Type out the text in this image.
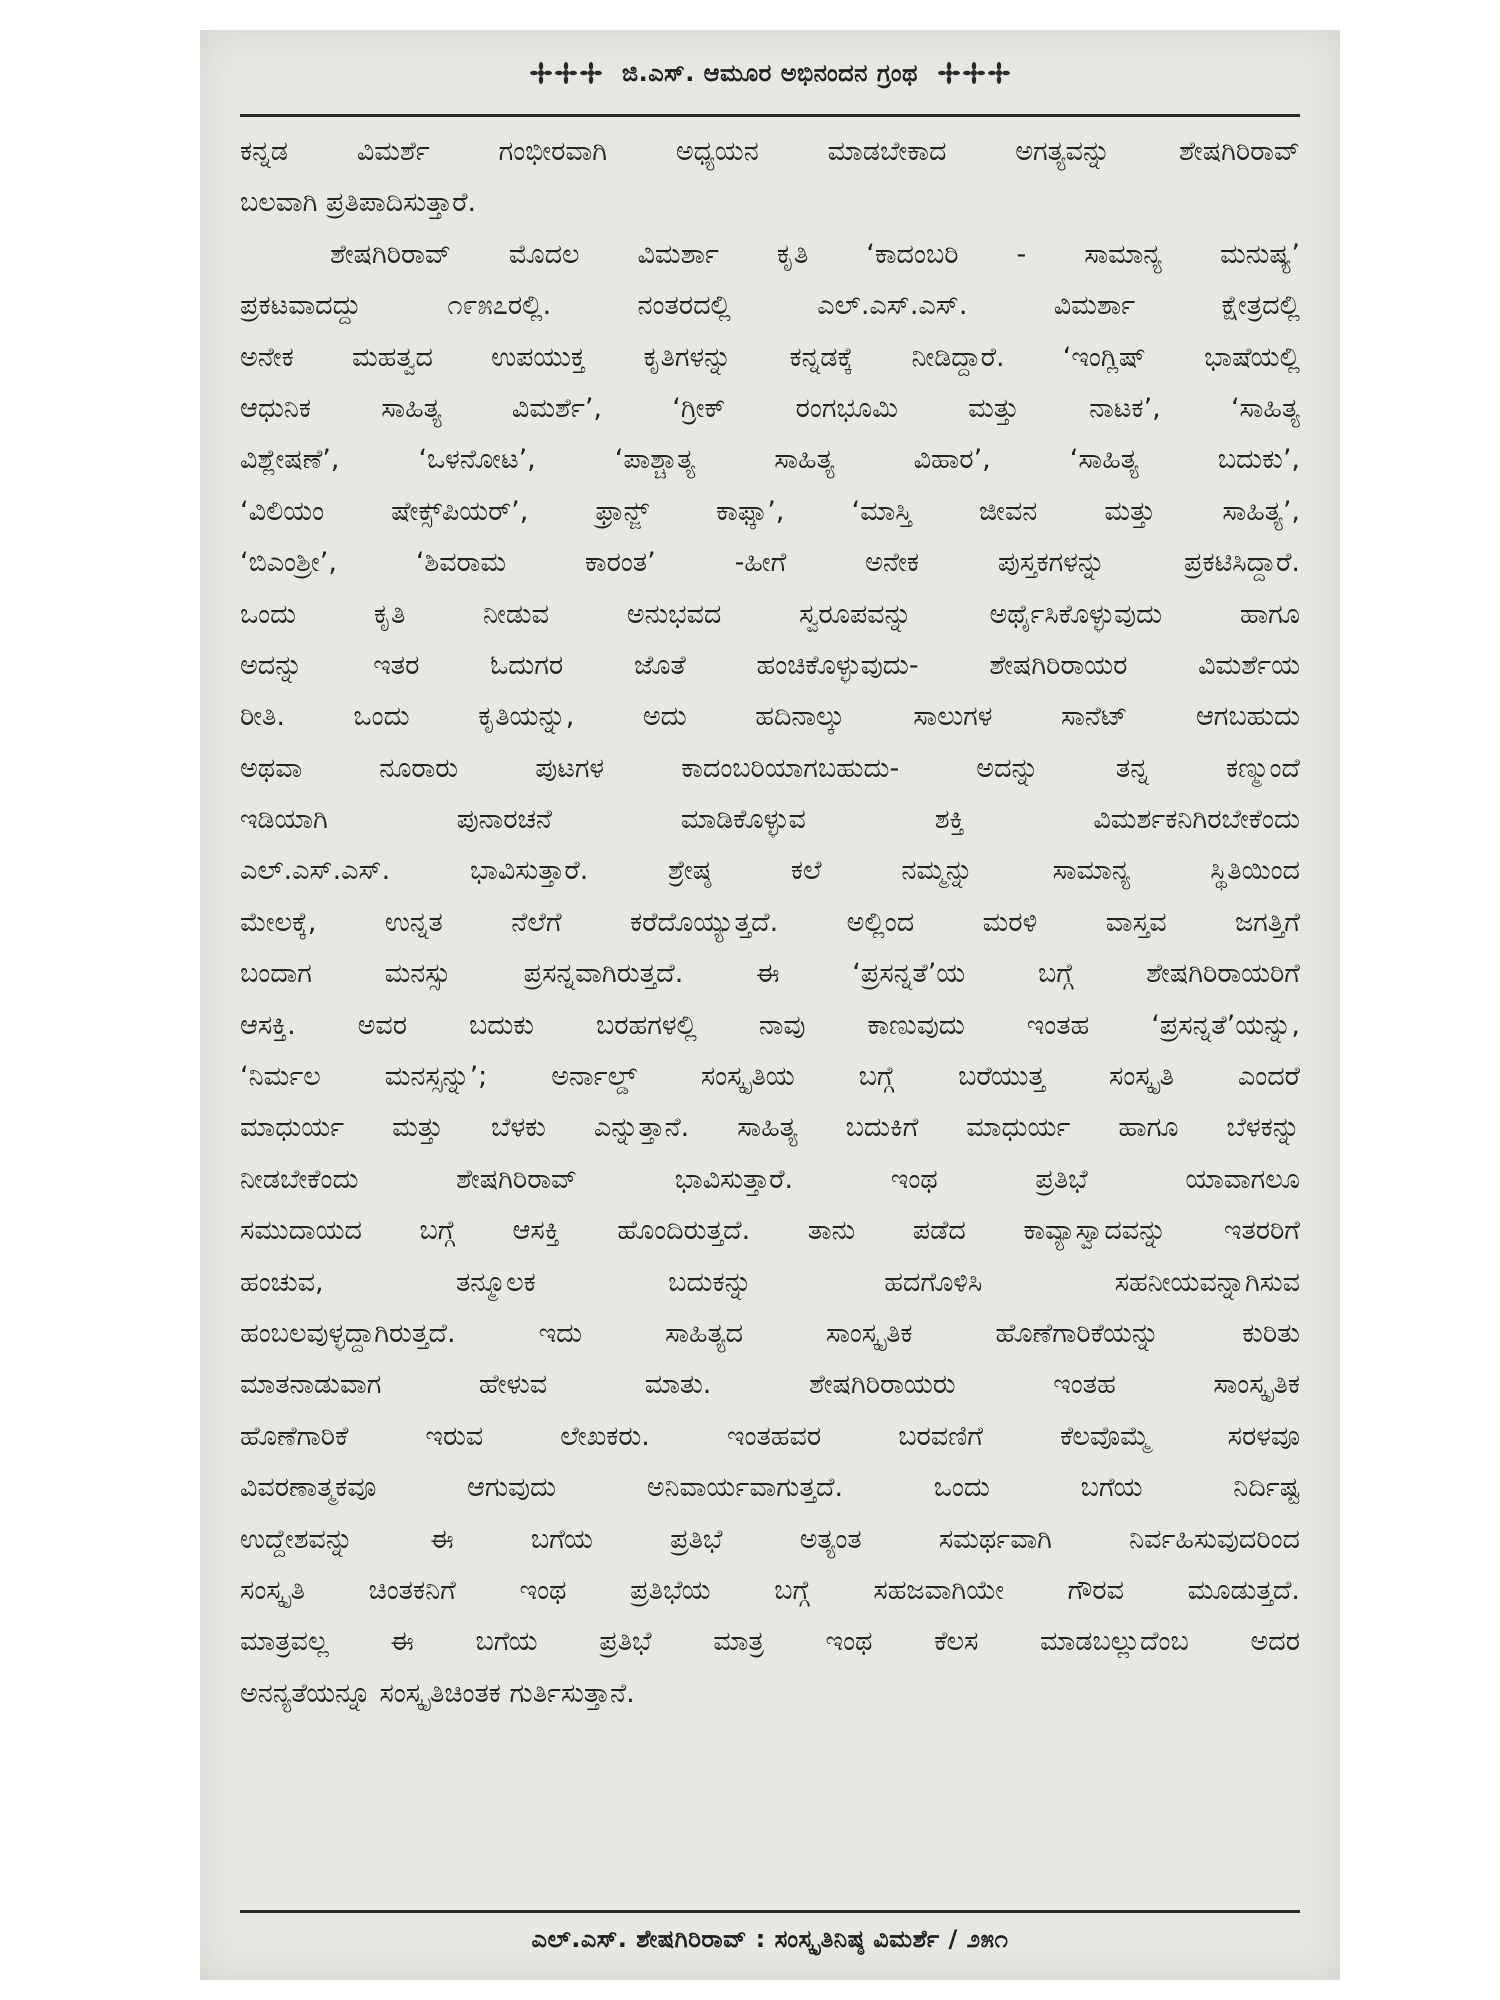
ಜಿ.ಎಸ್. ಆಮೂರ ಅಭಿನಂದನ ಗ್ರಂಥ
ಕನ್ನಡ ವಿಮರ್ಶೆ ಗಂಭೀರವಾಗಿ ಅಧ್ಯಯನ ಮಾಡಬೇಕಾದ ಅಗತ್ಯವನ್ನು ಶೇಷಗಿರಿರಾವ್
ಬಲವಾಗಿ ಪ್ರತಿಪಾದಿಸುತ್ತಾರೆ.
ಶೇಷಗಿರಿರಾವ್ ಮೊದಲ ವಿಮರ್ಶಾ ಕೃತಿ ‘ಕಾದಂಬರಿ - ಸಾಮಾನ್ಯ ಮನುಷ್ಯ’
ಪ್ರಕಟವಾದದ್ದು ೧೯೫೭ರಲ್ಲಿ. ನಂತರದಲ್ಲಿ ಎಲ್.ಎಸ್.ಎಸ್. ವಿಮರ್ಶಾ ಕ್ಷೇತ್ರದಲ್ಲಿ
ಅನೇಕ ಮಹತ್ವದ ಉಪಯುಕ್ತ ಕೃತಿಗಳನ್ನು ಕನ್ನಡಕ್ಕೆ ನೀಡಿದ್ದಾರೆ. ‘ಇಂಗ್ಲಿಷ್ ಭಾಷೆಯಲ್ಲಿ
ಆಧುನಿಕ ಸಾಹಿತ್ಯ ವಿಮರ್ಶೆ’, ‘ಗ್ರೀಕ್ ರಂಗಭೂಮಿ ಮತ್ತು ನಾಟಕ’, ‘ಸಾಹಿತ್ಯ
ವಿಶ್ಲೇಷಣೆ’, ‘ಒಳನೋಟ’, ‘ಪಾಶ್ಚಾತ್ಯ ಸಾಹಿತ್ಯ ವಿಹಾರ’, ‘ಸಾಹಿತ್ಯ ಬದುಕು’,
‘ವಿಲಿಯಂ ಷೇಕ್ಸ್‌ಪಿಯರ್’, ಫ್ರಾನ್ಜ್ ಕಾಫ್ಕಾ’, ‘ಮಾಸ್ತಿ ಜೀವನ ಮತ್ತು ಸಾಹಿತ್ಯ’,
‘ಬಿಎಂಶ್ರೀ’, ‘ಶಿವರಾಮ ಕಾರಂತ’ -ಹೀಗೆ ಅನೇಕ ಪುಸ್ತಕಗಳನ್ನು ಪ್ರಕಟಿಸಿದ್ದಾರೆ.
ಒಂದು ಕೃತಿ ನೀಡುವ ಅನುಭವದ ಸ್ವರೂಪವನ್ನು ಅರ್ಥೈಸಿಕೊಳ್ಳುವುದು ಹಾಗೂ
ಅದನ್ನು ಇತರ ಓದುಗರ ಜೊತೆ ಹಂಚಿಕೊಳ್ಳುವುದು- ಶೇಷಗಿರಿರಾಯರ ವಿಮರ್ಶೆಯ
ರೀತಿ. ಒಂದು ಕೃತಿಯನ್ನು, ಅದು ಹದಿನಾಲ್ಕು ಸಾಲುಗಳ ಸಾನೆಟ್ ಆಗಬಹುದು
ಅಥವಾ ನೂರಾರು ಪುಟಗಳ ಕಾದಂಬರಿಯಾಗಬಹುದು- ಅದನ್ನು ತನ್ನ ಕಣ್ಮುಂದೆ
ಇಡಿಯಾಗಿ ಪುನಾರಚನೆ ಮಾಡಿಕೊಳ್ಳುವ ಶಕ್ತಿ ವಿಮರ್ಶಕನಿಗಿರಬೇಕೆಂದು
ಎಲ್.ಎಸ್.ಎಸ್. ಭಾವಿಸುತ್ತಾರೆ. ಶ್ರೇಷ್ಠ ಕಲೆ ನಮ್ಮನ್ನು ಸಾಮಾನ್ಯ ಸ್ಥಿತಿಯಿಂದ
ಮೇಲಕ್ಕೆ, ಉನ್ನತ ನೆಲೆಗೆ ಕರೆದೊಯ್ಯುತ್ತದೆ. ಅಲ್ಲಿಂದ ಮರಳಿ ವಾಸ್ತವ ಜಗತ್ತಿಗೆ
ಬಂದಾಗ ಮನಸ್ಸು ಪ್ರಸನ್ನವಾಗಿರುತ್ತದೆ. ಈ ‘ಪ್ರಸನ್ನತೆ’ಯ ಬಗ್ಗೆ ಶೇಷಗಿರಿರಾಯರಿಗೆ
ಆಸಕ್ತಿ. ಅವರ ಬದುಕು ಬರಹಗಳಲ್ಲಿ ನಾವು ಕಾಣುವುದು ಇಂತಹ ‘ಪ್ರಸನ್ನತೆ’ಯನ್ನು,
‘ನಿರ್ಮಲ ಮನಸ್ಸನ್ನು’; ಅರ್ನಾಲ್ಡ್ ಸಂಸ್ಕೃತಿಯ ಬಗ್ಗೆ ಬರೆಯುತ್ತ ಸಂಸ್ಕೃತಿ ಎಂದರೆ
ಮಾಧುರ್ಯ ಮತ್ತು ಬೆಳಕು ಎನ್ನುತ್ತಾನೆ. ಸಾಹಿತ್ಯ ಬದುಕಿಗೆ ಮಾಧುರ್ಯ ಹಾಗೂ ಬೆಳಕನ್ನು
ನೀಡಬೇಕೆಂದು ಶೇಷಗಿರಿರಾವ್ ಭಾವಿಸುತ್ತಾರೆ. ಇಂಥ ಪ್ರತಿಭೆ ಯಾವಾಗಲೂ
ಸಮುದಾಯದ ಬಗ್ಗೆ ಆಸಕ್ತಿ ಹೊಂದಿರುತ್ತದೆ. ತಾನು ಪಡೆದ ಕಾವ್ಯಾಸ್ವಾದವನ್ನು ಇತರರಿಗೆ
ಹಂಚುವ, ತನ್ಮೂಲಕ ಬದುಕನ್ನು ಹದಗೊಳಿಸಿ ಸಹನೀಯವನ್ನಾಗಿಸುವ
ಹಂಬಲವುಳ್ಳದ್ದಾಗಿರುತ್ತದೆ. ಇದು ಸಾಹಿತ್ಯದ ಸಾಂಸ್ಕೃತಿಕ ಹೊಣೆಗಾರಿಕೆಯನ್ನು ಕುರಿತು
ಮಾತನಾಡುವಾಗ ಹೇಳುವ ಮಾತು. ಶೇಷಗಿರಿರಾಯರು ಇಂತಹ ಸಾಂಸ್ಕೃತಿಕ
ಹೊಣೆಗಾರಿಕೆ ಇರುವ ಲೇಖಕರು. ಇಂತಹವರ ಬರವಣಿಗೆ ಕೆಲವೊಮ್ಮೆ ಸರಳವೂ
ವಿವರಣಾತ್ಮಕವೂ ಆಗುವುದು ಅನಿವಾರ್ಯವಾಗುತ್ತದೆ. ಒಂದು ಬಗೆಯ ನಿರ್ದಿಷ್ಟ
ಉದ್ದೇಶವನ್ನು ಈ ಬಗೆಯ ಪ್ರತಿಭೆ ಅತ್ಯಂತ ಸಮರ್ಥವಾಗಿ ನಿರ್ವಹಿಸುವುದರಿಂದ
ಸಂಸ್ಕೃತಿ ಚಿಂತಕನಿಗೆ ಇಂಥ ಪ್ರತಿಭೆಯ ಬಗ್ಗೆ ಸಹಜವಾಗಿಯೇ ಗೌರವ ಮೂಡುತ್ತದೆ.
ಮಾತ್ರವಲ್ಲ ಈ ಬಗೆಯ ಪ್ರತಿಭೆ ಮಾತ್ರ ಇಂಥ ಕೆಲಸ ಮಾಡಬಲ್ಲುದೆಂಬ ಅದರ
ಅನನ್ಯತೆಯನ್ನೂ ಸಂಸ್ಕೃತಿಚಿಂತಕ ಗುರ್ತಿಸುತ್ತಾನೆ.
ಎಲ್.ಎಸ್. ಶೇಷಗಿರಿರಾವ್ : ಸಂಸ್ಕೃತಿನಿಷ್ಠ ವಿಮರ್ಶೆ / ೨೫೧
